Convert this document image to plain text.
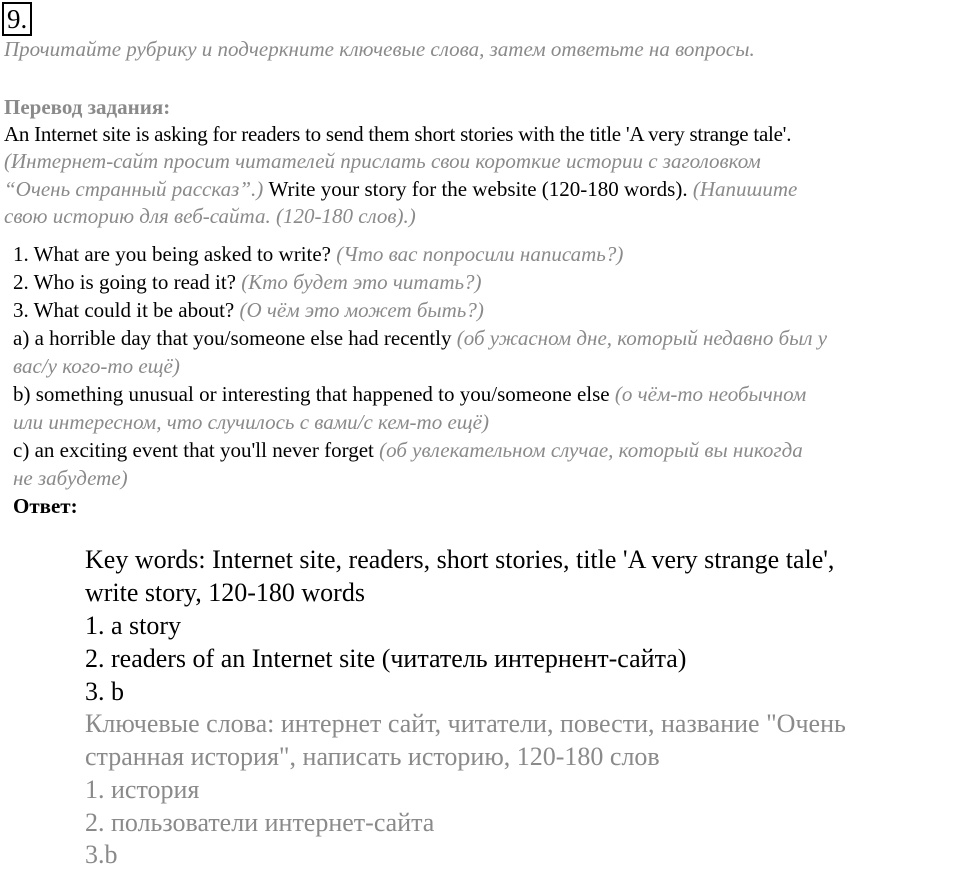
9.
Прочитайте рубрику и подчеркните ключевые слова, затем ответьте на вопросы.
Перевод задания:
An Internet site is asking for readers to send them short stories with the title 'A very strange tale'.
(Интернет-сайт просит читателей прислать свои короткие истории с заголовком
“Очень странный рассказ”.) Write your story for the website (120-180 words). (Напишите
свою историю для веб-сайта. (120-180 слов).)
1. What are you being asked to write? (Что вас попросили написать?)
2. Who is going to read it? (Кто будет это читать?)
3. What could it be about? (О чём это может быть?)
a) a horrible day that you/someone else had recently (об ужасном дне, который недавно был у
вас/у кого-то ещё)
b) something unusual or interesting that happened to you/someone else (о чём-то необычном
или интересном, что случилось с вами/с кем-то ещё)
c) an exciting event that you'll never forget (об увлекательном случае, который вы никогда
не забудете)
Ответ:
Key words: Internet site, readers, short stories, title 'A very strange tale',
write story, 120-180 words
1. a story
2. readers of an Internet site (читатель интернент-сайта)
3. b
Ключевые слова: интернет сайт, читатели, повести, название "Очень
странная история", написать историю, 120-180 слов
1. история
2. пользователи интернет-сайта
3.b
